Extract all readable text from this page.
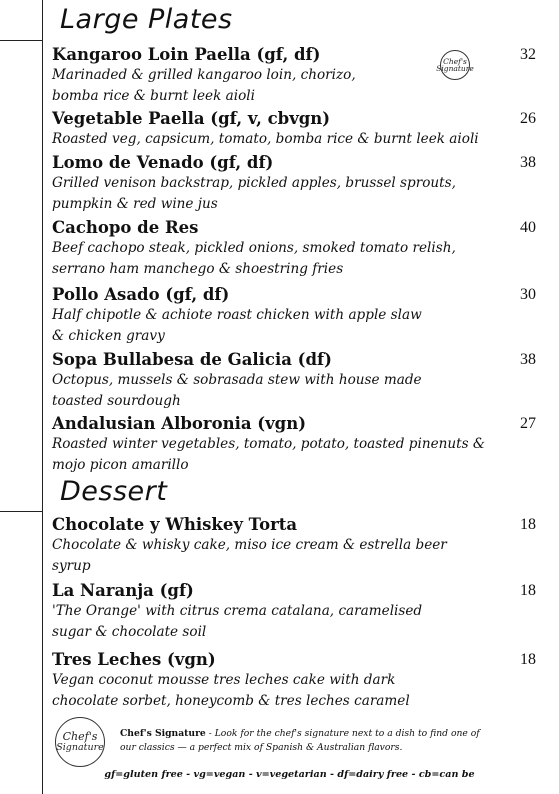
Large Plates
Kangaroo Loin Paella (gf, df)	32
Marinaded & grilled kangaroo loin, chorizo,
bomba rice & burnt leek aioli
Chef's
Signature
Vegetable Paella (gf, v, cbvgn)	26
Roasted veg, capsicum, tomato, bomba rice & burnt leek aioli
Lomo de Venado (gf, df)	38
Grilled venison backstrap, pickled apples, brussel sprouts,
pumpkin & red wine jus
Cachopo de Res	40
Beef cachopo steak, pickled onions, smoked tomato relish,
serrano ham manchego & shoestring fries
Pollo Asado (gf, df)	30
Half chipotle & achiote roast chicken with apple slaw
& chicken gravy
Sopa Bullabesa de Galicia (df)	38
Octopus, mussels & sobrasada stew with house made
toasted sourdough
Andalusian Alboronia (vgn)	27
Roasted winter vegetables, tomato, potato, toasted pinenuts &
mojo picon amarillo
Dessert
Chocolate y Whiskey Torta	18
Chocolate & whisky cake, miso ice cream & estrella beer
syrup
La Naranja (gf)	18
'The Orange' with citrus crema catalana, caramelised
sugar & chocolate soil
Tres Leches (vgn)	18
Vegan coconut mousse tres leches cake with dark
chocolate sorbet, honeycomb & tres leches caramel
Chef's
Signature
Chef's Signature - Look for the chef's signature next to a dish to find one of
our classics — a perfect mix of Spanish & Australian flavors.
gf=gluten free - vg=vegan - v=vegetarian - df=dairy free - cb=can be
